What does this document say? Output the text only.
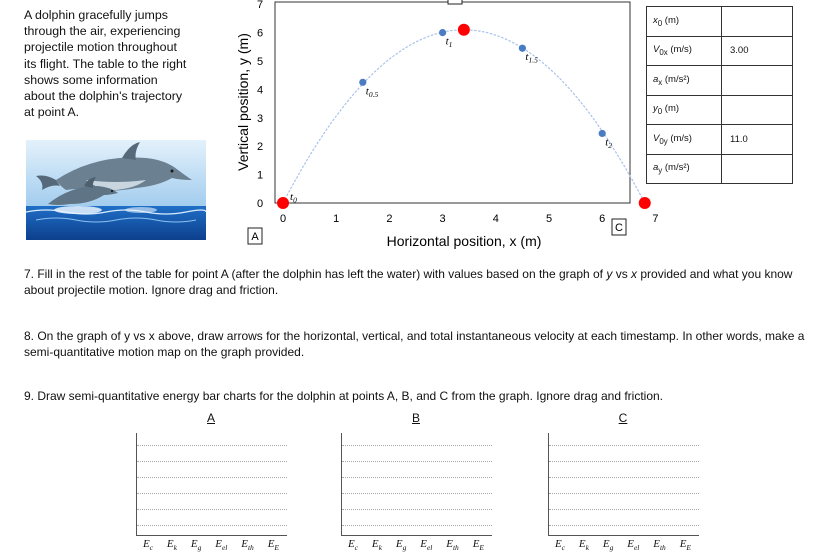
A dolphin gracefully jumps
through the air, experiencing
projectile motion throughout
its flight. The table to the right
shows some information
about the dolphin's trajectory
at point A.	Vertical position, y (m)
Horizontal position, x (m)
0	1	2	3	4	5	6	7
0
1
2
3
4
5
6
7
$t_0$
$t_{0.5}$
$t_1$
$t_{1.5}$
$t_2$
A
C
$x_0$ (m)	
$V_{0x}$ (m/s)	3.00
$a_x$ (m/s²)	
$y_0$ (m)	
$V_{0y}$ (m/s)	11.0
$a_y$ (m/s²)	
7. Fill in the rest of the table for point A (after the dolphin has left the water) with values based on the graph of y vs x provided and what you know about projectile motion. Ignore drag and friction.
8. On the graph of y vs x above, draw arrows for the horizontal, vertical, and total instantaneous velocity at each timestamp. In other words, make a semi-quantitative motion map on the graph provided.
9. Draw semi-quantitative energy bar charts for the dolphin at points A, B, and C from the graph. Ignore drag and friction.
A
$E_c$ $E_k$ $E_g$ $E_{el}$ $E_{th}$ $E_E$
B
$E_c$ $E_k$ $E_g$ $E_{el}$ $E_{th}$ $E_E$
C
$E_c$ $E_k$ $E_g$ $E_{el}$ $E_{th}$ $E_E$
